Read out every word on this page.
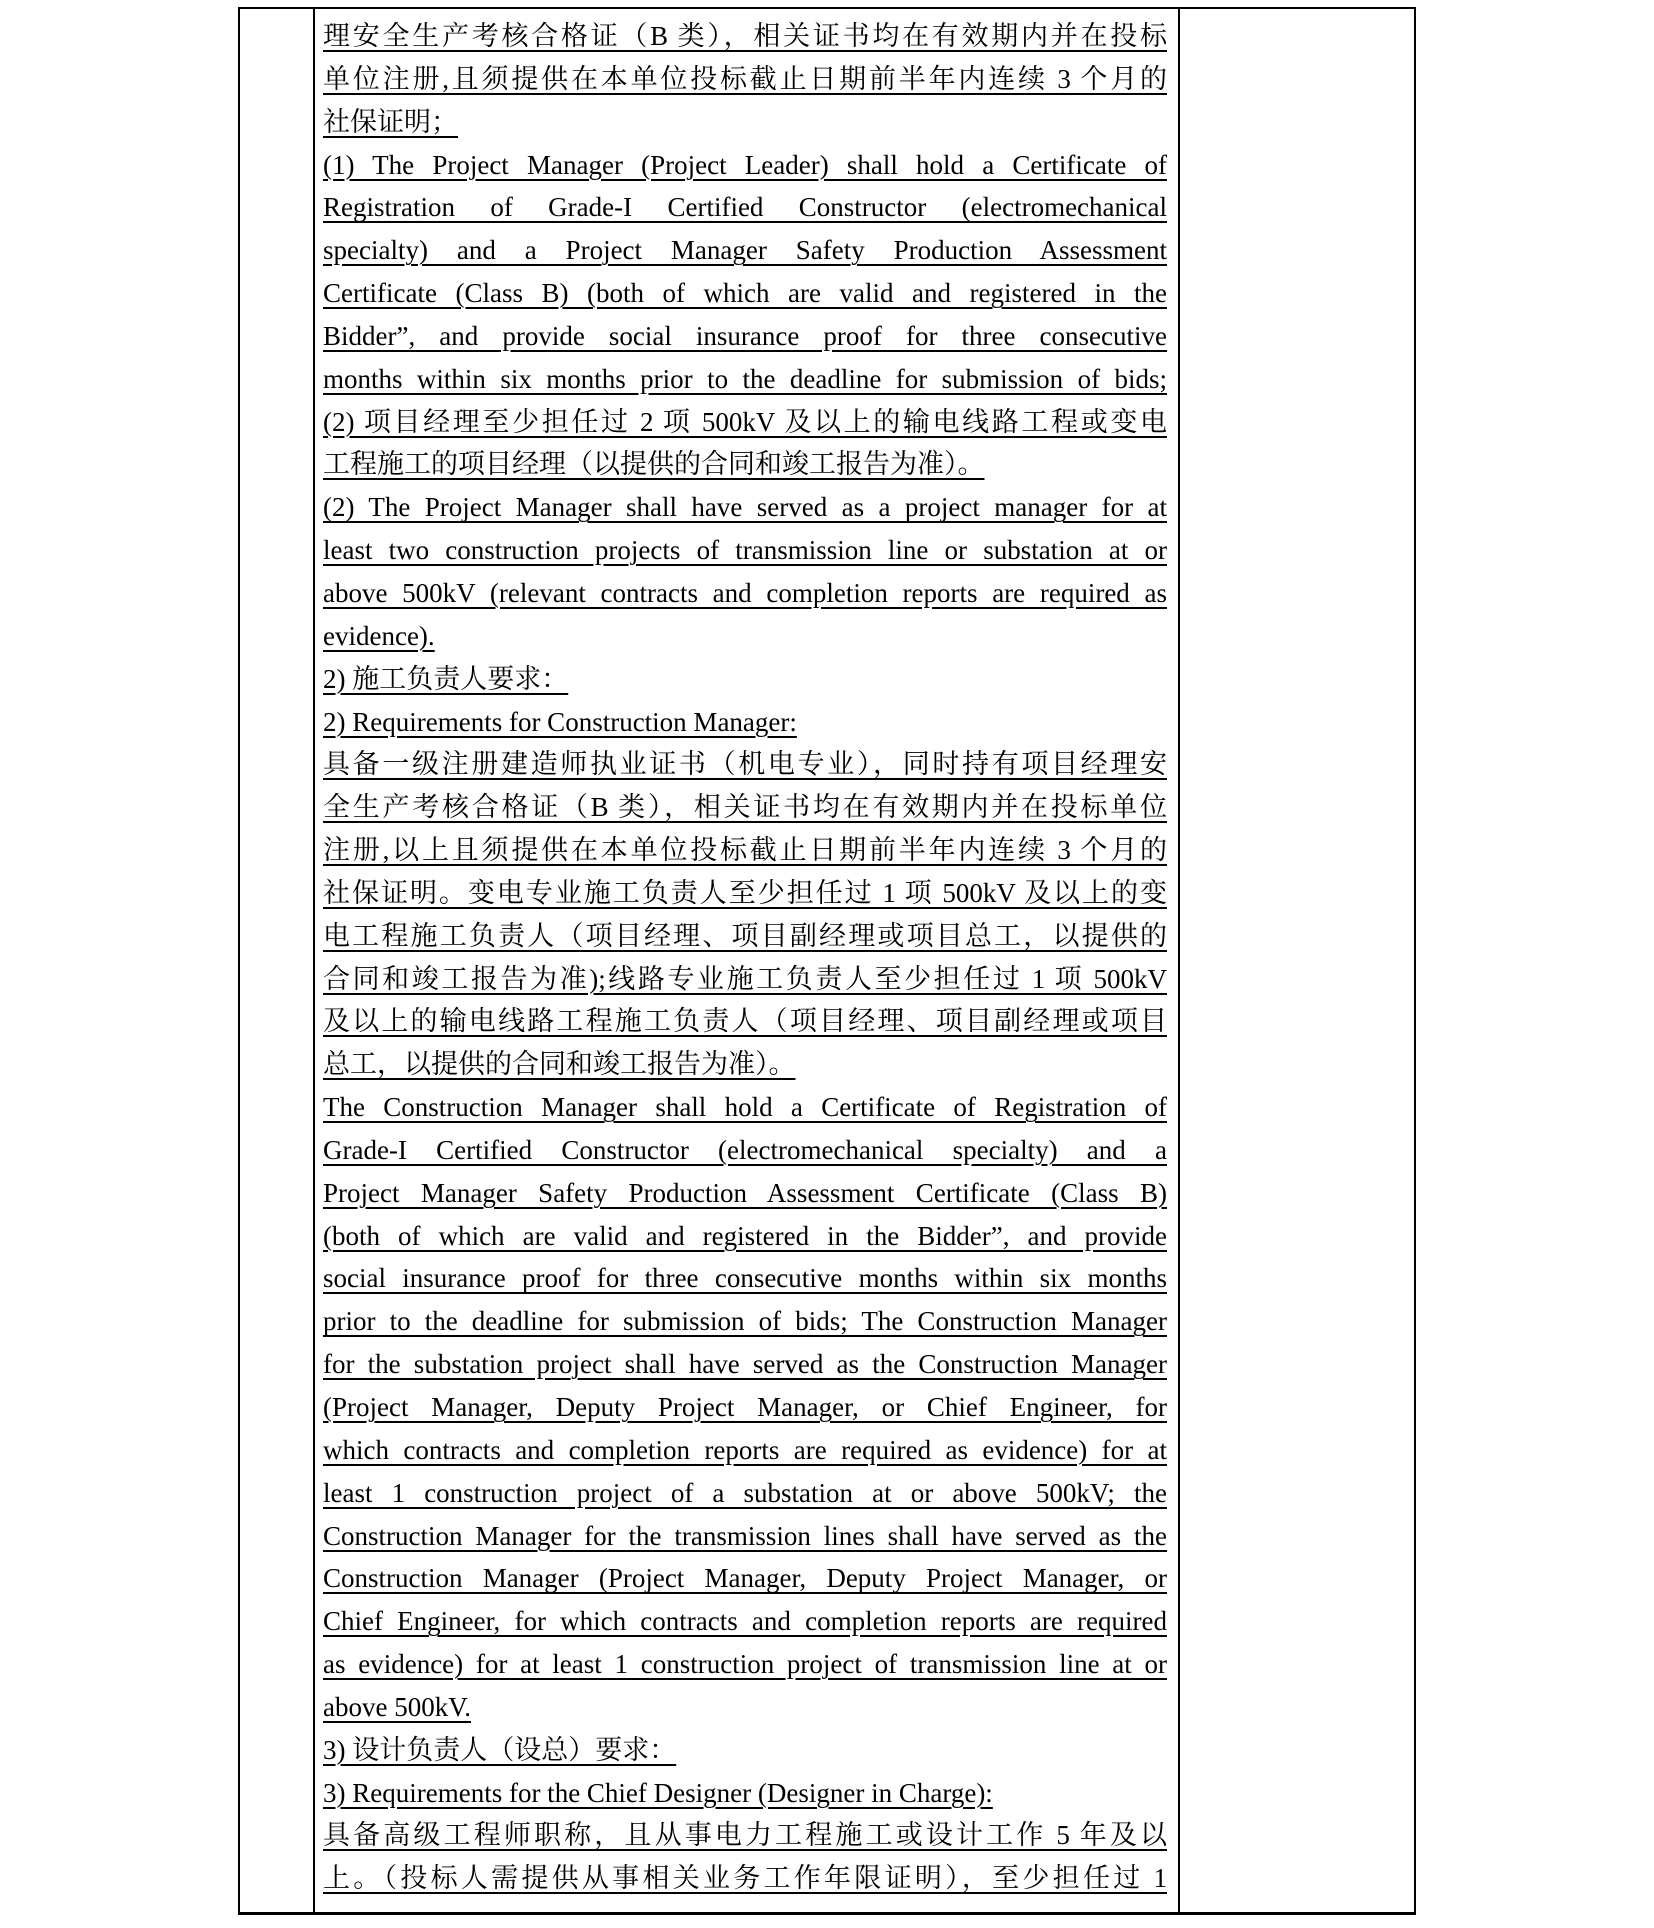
理安全生产考核合格证（B 类），相关证书均在有效期内并在投标
单位注册,且须提供在本单位投标截止日期前半年内连续 3 个月的
社保证明；
(1) The Project Manager (Project Leader) shall hold a Certificate of
Registration of Grade-I Certified Constructor (electromechanical
specialty) and a Project Manager Safety Production Assessment
Certificate (Class B) (both of which are valid and registered in the
Bidder”, and provide social insurance proof for three consecutive
months within six months prior to the deadline for submission of bids;
(2) 项目经理至少担任过 2 项 500kV 及以上的输电线路工程或变电
工程施工的项目经理（以提供的合同和竣工报告为准）。
(2) The Project Manager shall have served as a project manager for at
least two construction projects of transmission line or substation at or
above 500kV (relevant contracts and completion reports are required as
evidence).
2) 施工负责人要求：
2) Requirements for Construction Manager:
具备一级注册建造师执业证书（机电专业），同时持有项目经理安
全生产考核合格证（B 类），相关证书均在有效期内并在投标单位
注册,以上且须提供在本单位投标截止日期前半年内连续 3 个月的
社保证明。变电专业施工负责人至少担任过 1 项 500kV 及以上的变
电工程施工负责人（项目经理、项目副经理或项目总工，以提供的
合同和竣工报告为准);线路专业施工负责人至少担任过 1 项 500kV
及以上的输电线路工程施工负责人（项目经理、项目副经理或项目
总工，以提供的合同和竣工报告为准）。
The Construction Manager shall hold a Certificate of Registration of
Grade-I Certified Constructor (electromechanical specialty) and a
Project Manager Safety Production Assessment Certificate (Class B)
(both of which are valid and registered in the Bidder”, and provide
social insurance proof for three consecutive months within six months
prior to the deadline for submission of bids; The Construction Manager
for the substation project shall have served as the Construction Manager
(Project Manager, Deputy Project Manager, or Chief Engineer, for
which contracts and completion reports are required as evidence) for at
least 1 construction project of a substation at or above 500kV; the
Construction Manager for the transmission lines shall have served as the
Construction Manager (Project Manager, Deputy Project Manager, or
Chief Engineer, for which contracts and completion reports are required
as evidence) for at least 1 construction project of transmission line at or
above 500kV.
3) 设计负责人（设总）要求：
3) Requirements for the Chief Designer (Designer in Charge):
具备高级工程师职称，且从事电力工程施工或设计工作 5 年及以
上。（投标人需提供从事相关业务工作年限证明），至少担任过 1
